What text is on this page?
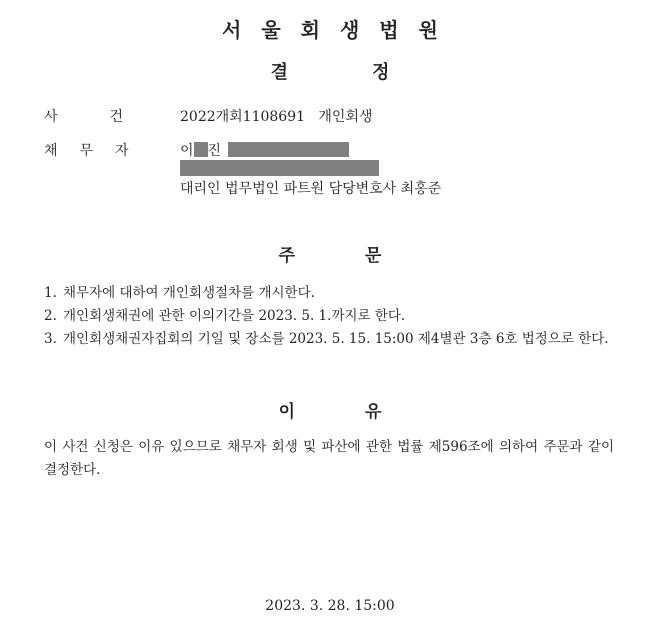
서울회생법원
결정
사건 2022개회1108691 개인회생
채무자 이 진
대리인 법무법인 파트원 담당변호사 최홍준
주문
1. 채무자에 대하여 개인회생절차를 개시한다.
2. 개인회생채권에 관한 이의기간을 2023. 5. 1.까지로 한다.
3. 개인회생채권자집회의 기일 및 장소를 2023. 5. 15. 15:00 제4별관 3층 6호 법정으로 한다.
이유
이 사건 신청은 이유 있으므로 채무자 회생 및 파산에 관한 법률 제596조에 의하여 주문과 같이 결정한다.
2023. 3. 28. 15:00
